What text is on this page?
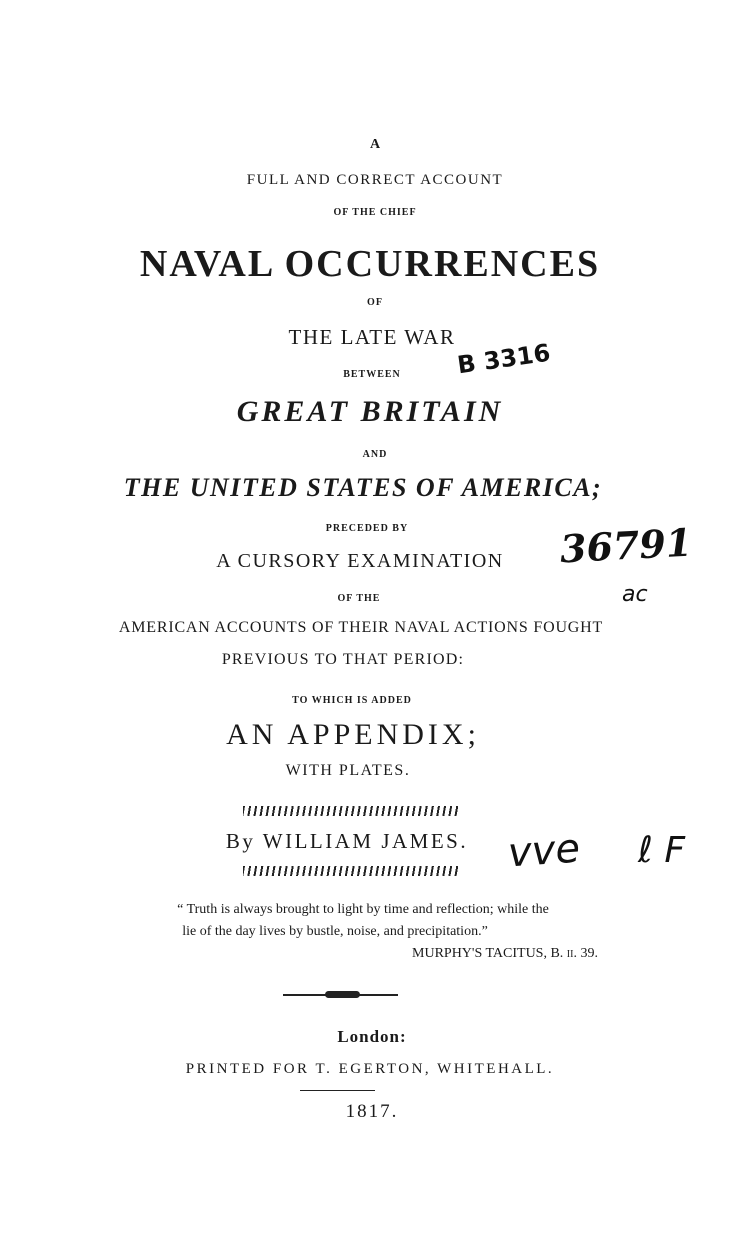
A
FULL AND CORRECT ACCOUNT
OF THE CHIEF
NAVAL OCCURRENCES
OF
THE LATE WAR
BETWEEN
GREAT BRITAIN
AND
THE UNITED STATES OF AMERICA;
PRECEDED BY
A CURSORY EXAMINATION
OF THE
AMERICAN ACCOUNTS OF THEIR NAVAL ACTIONS FOUGHT
PREVIOUS TO THAT PERIOD:
TO WHICH IS ADDED
AN APPENDIX;
WITH PLATES.
By WILLIAM JAMES.
“ Truth is always brought to light by time and reflection; while the
lie of the day lives by bustle, noise, and precipitation.”
MURPHY'S TACITUS, B. ii. 39.
London:
PRINTED FOR T. EGERTON, WHITEHALL.
1817.
B 3316
36791
ac
vve ℓ F
